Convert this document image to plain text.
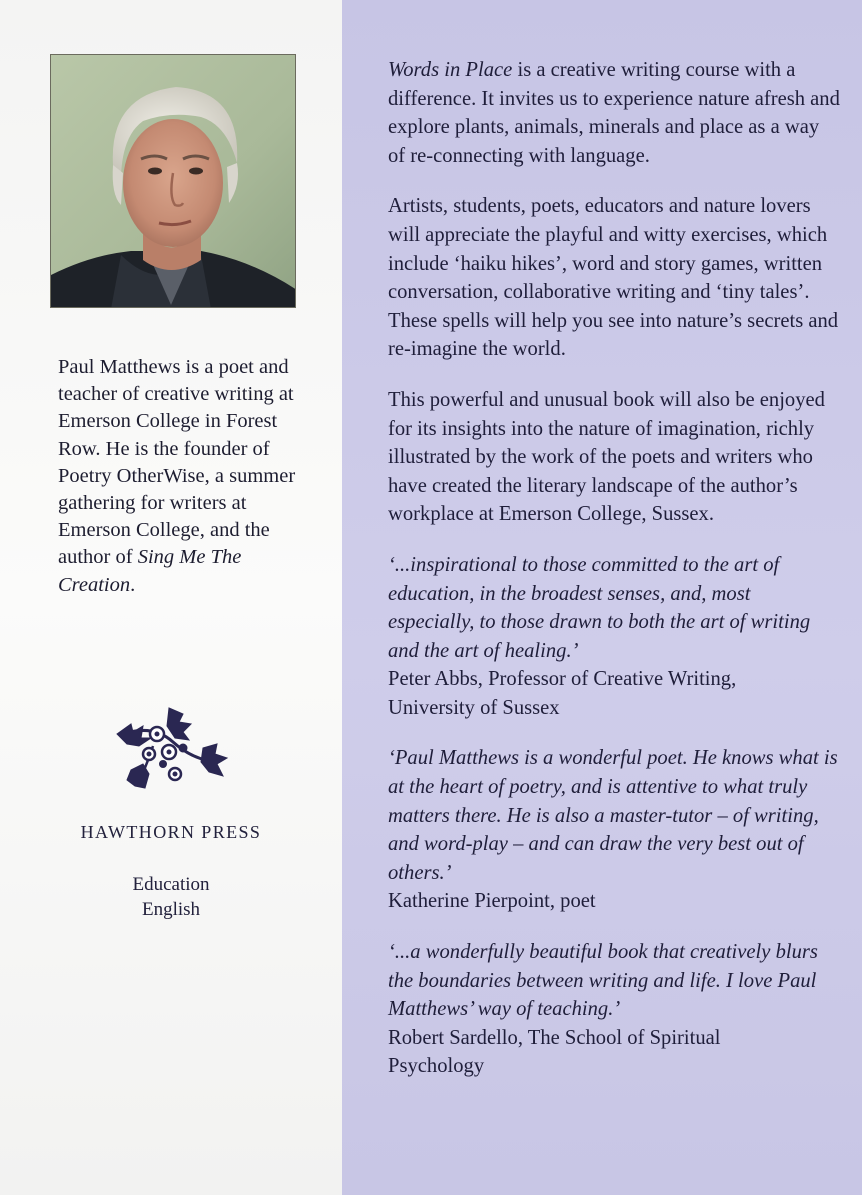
Paul Matthews is a poet and teacher of creative writing at Emerson College in Forest Row. He is the founder of Poetry OtherWise, a summer gathering for writers at Emerson College, and the author of Sing Me The Creation.

HAWTHORN PRESS
Education
English

Words in Place is a creative writing course with a difference. It invites us to experience nature afresh and explore plants, animals, minerals and place as a way of re-connecting with language.

Artists, students, poets, educators and nature lovers will appreciate the playful and witty exercises, which include ‘haiku hikes’, word and story games, written conversation, collaborative writing and ‘tiny tales’. These spells will help you see into nature’s secrets and re-imagine the world.

This powerful and unusual book will also be enjoyed for its insights into the nature of imagination, richly illustrated by the work of the poets and writers who have created the literary landscape of the author’s workplace at Emerson College, Sussex.

‘...inspirational to those committed to the art of education, in the broadest senses, and, most especially, to those drawn to both the art of writing and the art of healing.’
Peter Abbs, Professor of Creative Writing,
University of Sussex
‘Paul Matthews is a wonderful poet. He knows what is at the heart of poetry, and is attentive to what truly matters there. He is also a master-tutor – of writing, and word-play – and can draw the very best out of others.’
Katherine Pierpoint, poet
‘...a wonderfully beautiful book that creatively blurs the boundaries between writing and life. I love Paul Matthews’ way of teaching.’
Robert Sardello, The School of Spiritual
Psychology
